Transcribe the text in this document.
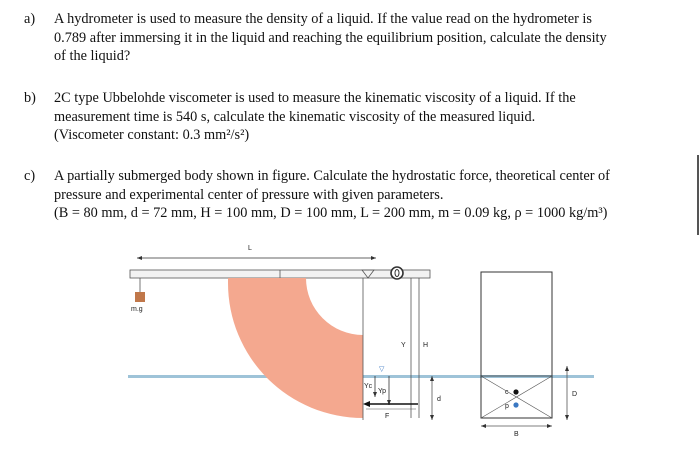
a)	A hydrometer is used to measure the density of a liquid. If the value read on the hydrometer is
0.789 after immersing it in the liquid and reaching the equilibrium position, calculate the density
of the liquid?
b)	2C type Ubbelohde viscometer is used to measure the kinematic viscosity of a liquid. If the
measurement time is 540 s, calculate the kinematic viscosity of the measured liquid.
(Viscometer constant: 0.3 mm²/s²)
c)	A partially submerged body shown in figure. Calculate the hydrostatic force, theoretical center of
pressure and experimental center of pressure with given parameters.
(B = 80 mm, d = 72 mm, H = 100 mm, D = 100 mm, L = 200 mm, m = 0.09 kg, ρ = 1000 kg/m³)
L
m.g
Y H
d
▽
Yc
Yp
F
c
p
D
B
